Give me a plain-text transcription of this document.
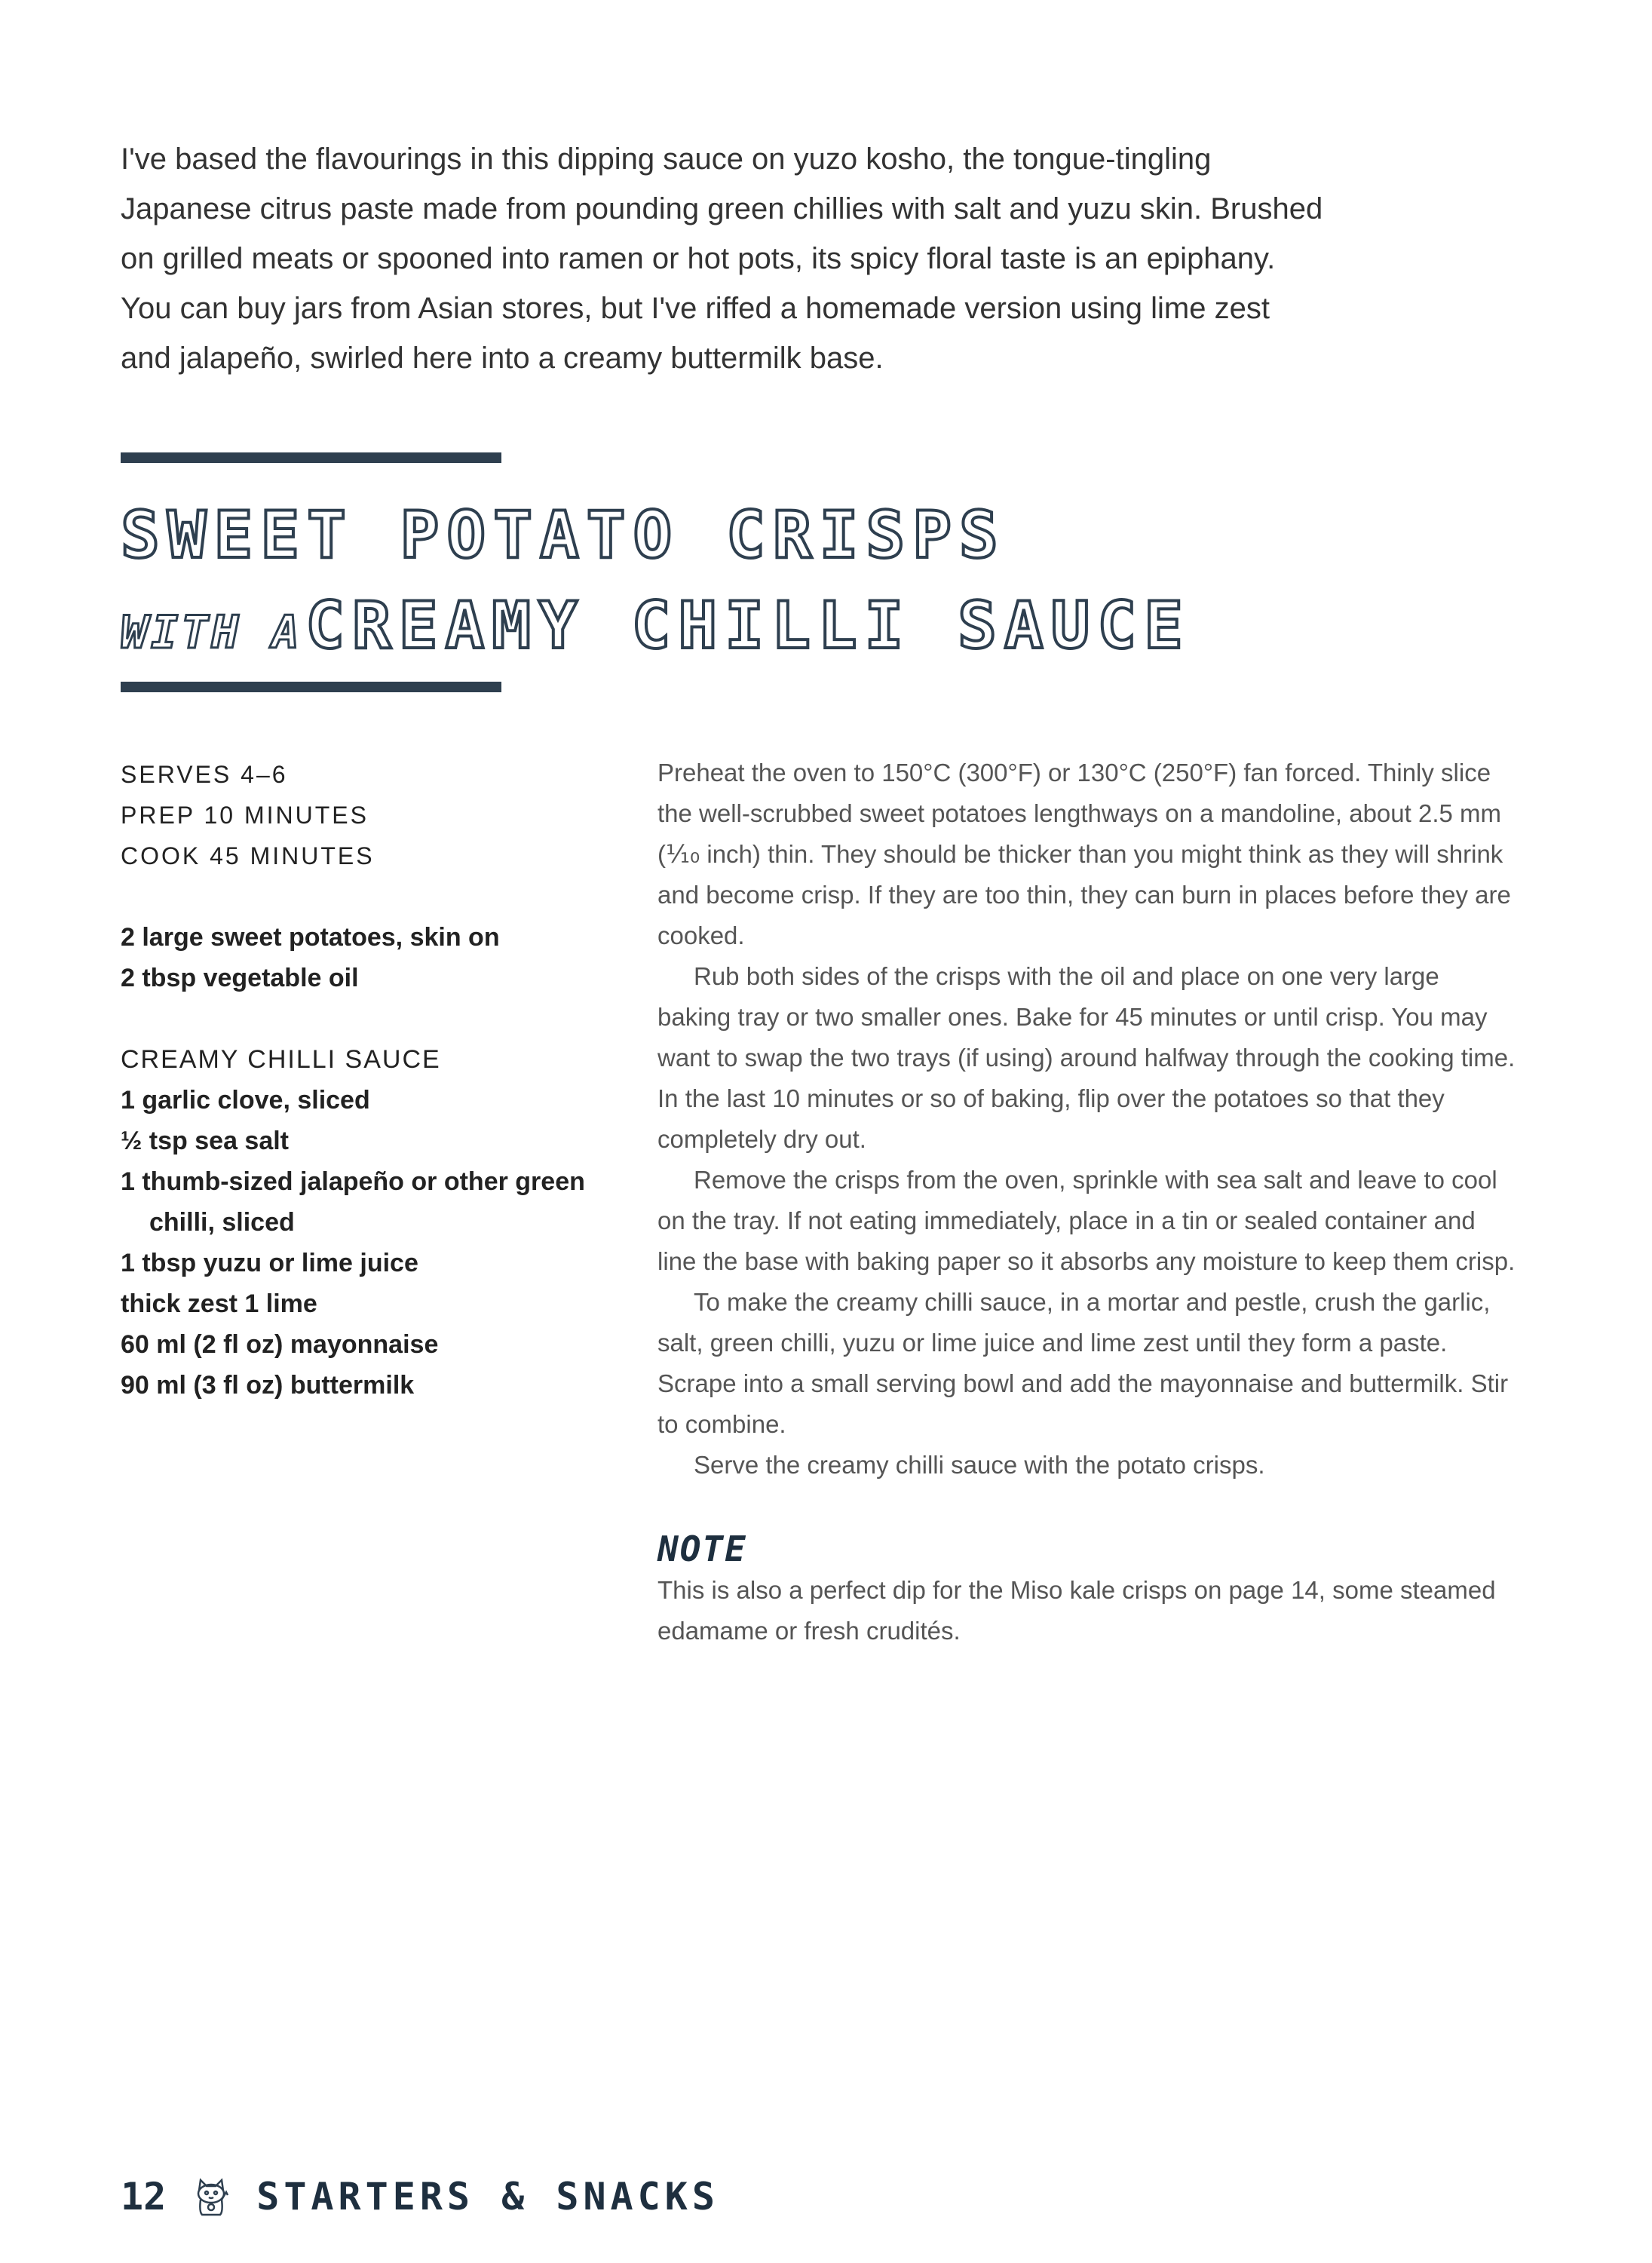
I've based the flavourings in this dipping sauce on yuzo kosho, the tongue-tingling Japanese citrus paste made from pounding green chillies with salt and yuzu skin. Brushed on grilled meats or spooned into ramen or hot pots, its spicy floral taste is an epiphany. You can buy jars from Asian stores, but I've riffed a homemade version using lime zest and jalapeño, swirled here into a creamy buttermilk base.

SWEET POTATO CRISPS
WITH A CREAMY CHILLI SAUCE
SERVES 4–6
PREP 10 MINUTES
COOK 45 MINUTES
2 large sweet potatoes, skin on
2 tbsp vegetable oil
CREAMY CHILLI SAUCE
1 garlic clove, sliced
½ tsp sea salt
1 thumb-sized jalapeño or other green chilli, sliced
1 tbsp yuzu or lime juice
thick zest 1 lime
60 ml (2 fl oz) mayonnaise
90 ml (3 fl oz) buttermilk

Preheat the oven to 150°C (300°F) or 130°C (250°F) fan forced. Thinly slice the well-scrubbed sweet potatoes lengthways on a mandoline, about 2.5 mm (⅒ inch) thin. They should be thicker than you might think as they will shrink and become crisp. If they are too thin, they can burn in places before they are cooked.

Rub both sides of the crisps with the oil and place on one very large baking tray or two smaller ones. Bake for 45 minutes or until crisp. You may want to swap the two trays (if using) around halfway through the cooking time. In the last 10 minutes or so of baking, flip over the potatoes so that they completely dry out.

Remove the crisps from the oven, sprinkle with sea salt and leave to cool on the tray. If not eating immediately, place in a tin or sealed container and line the base with baking paper so it absorbs any moisture to keep them crisp.

To make the creamy chilli sauce, in a mortar and pestle, crush the garlic, salt, green chilli, yuzu or lime juice and lime zest until they form a paste. Scrape into a small serving bowl and add the mayonnaise and buttermilk. Stir to combine.

Serve the creamy chilli sauce with the potato crisps.

NOTE

This is also a perfect dip for the Miso kale crisps on page 14, some steamed edamame or fresh crudités.

12 STARTERS & SNACKS
